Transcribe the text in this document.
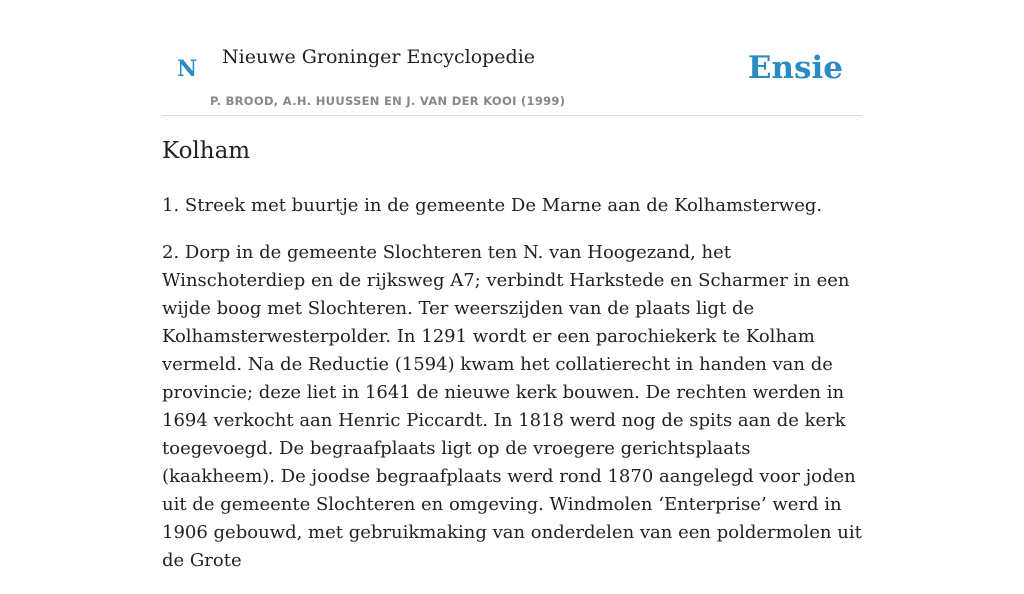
N Nieuwe Groninger Encyclopedie
P. BROOD, A.H. HUUSSEN EN J. VAN DER KOOI (1999)
Ensie
Kolham

1. Streek met buurtje in de gemeente De Marne aan de Kolhamsterweg.

2. Dorp in de gemeente Slochteren ten N. van Hoogezand, het Winschoterdiep en de rijksweg A7; verbindt Harkstede en Scharmer in een wijde boog met Slochteren. Ter weerszijden van de plaats ligt de Kolhamsterwesterpolder. In 1291 wordt er een parochiekerk te Kolham vermeld. Na de Reductie (1594) kwam het collatierecht in handen van de provincie; deze liet in 1641 de nieuwe kerk bouwen. De rechten werden in 1694 verkocht aan Henric Piccardt. In 1818 werd nog de spits aan de kerk toegevoegd. De begraafplaats ligt op de vroegere gerichtsplaats (kaakheem). De joodse begraafplaats werd rond 1870 aangelegd voor joden uit de gemeente Slochteren en omgeving. Windmolen ‘Enterprise’ werd in 1906 gebouwd, met gebruikmaking van onderdelen van een poldermolen uit de Grote
